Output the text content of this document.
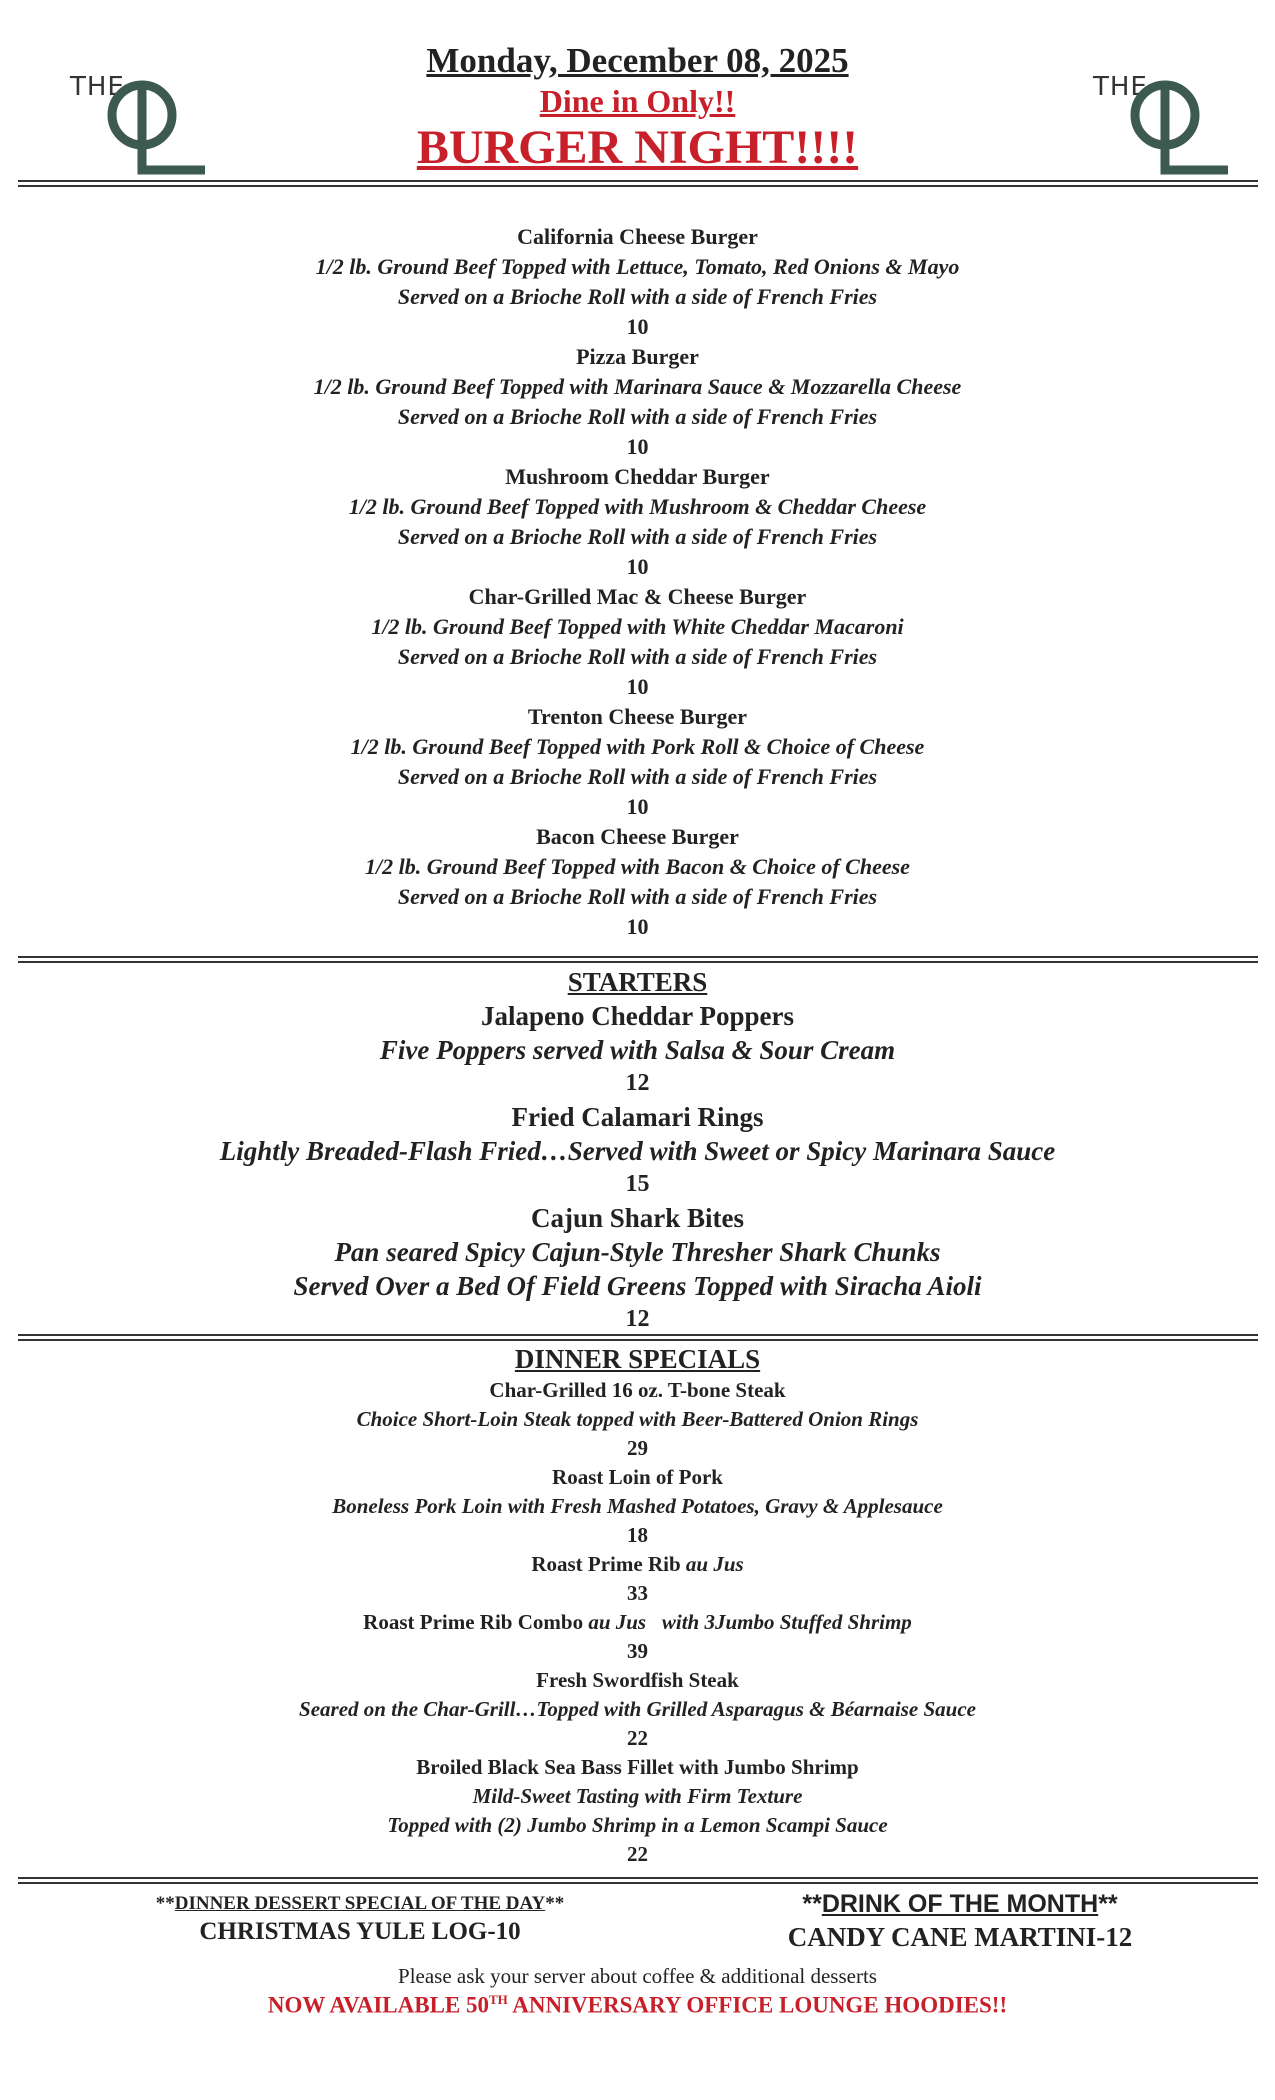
THE	THE
Monday, December 08, 2025
Dine in Only!!
BURGER NIGHT!!!!
California Cheese Burger
1/2 lb. Ground Beef Topped with Lettuce, Tomato, Red Onions & Mayo
Served on a Brioche Roll with a side of French Fries
10
Pizza Burger
1/2 lb. Ground Beef Topped with Marinara Sauce & Mozzarella Cheese
Served on a Brioche Roll with a side of French Fries
10
Mushroom Cheddar Burger
1/2 lb. Ground Beef Topped with Mushroom & Cheddar Cheese
Served on a Brioche Roll with a side of French Fries
10
Char-Grilled Mac & Cheese Burger
1/2 lb. Ground Beef Topped with White Cheddar Macaroni
Served on a Brioche Roll with a side of French Fries
10
Trenton Cheese Burger
1/2 lb. Ground Beef Topped with Pork Roll & Choice of Cheese
Served on a Brioche Roll with a side of French Fries
10
Bacon Cheese Burger
1/2 lb. Ground Beef Topped with Bacon & Choice of Cheese
Served on a Brioche Roll with a side of French Fries
10
STARTERS
Jalapeno Cheddar Poppers
Five Poppers served with Salsa & Sour Cream
12
Fried Calamari Rings
Lightly Breaded-Flash Fried…Served with Sweet or Spicy Marinara Sauce
15
Cajun Shark Bites
Pan seared Spicy Cajun-Style Thresher Shark Chunks
Served Over a Bed Of Field Greens Topped with Siracha Aioli
12
DINNER SPECIALS
Char-Grilled 16 oz. T-bone Steak
Choice Short-Loin Steak topped with Beer-Battered Onion Rings
29
Roast Loin of Pork
Boneless Pork Loin with Fresh Mashed Potatoes, Gravy & Applesauce
18
Roast Prime Rib au Jus
33
Roast Prime Rib Combo au Jus with 3Jumbo Stuffed Shrimp
39
Fresh Swordfish Steak
Seared on the Char-Grill…Topped with Grilled Asparagus & Béarnaise Sauce
22
Broiled Black Sea Bass Fillet with Jumbo Shrimp
Mild-Sweet Tasting with Firm Texture
Topped with (2) Jumbo Shrimp in a Lemon Scampi Sauce
22
**DINNER DESSERT SPECIAL OF THE DAY**
CHRISTMAS YULE LOG-10
**DRINK OF THE MONTH**
CANDY CANE MARTINI-12
Please ask your server about coffee & additional desserts
NOW AVAILABLE 50TH ANNIVERSARY OFFICE LOUNGE HOODIES!!
